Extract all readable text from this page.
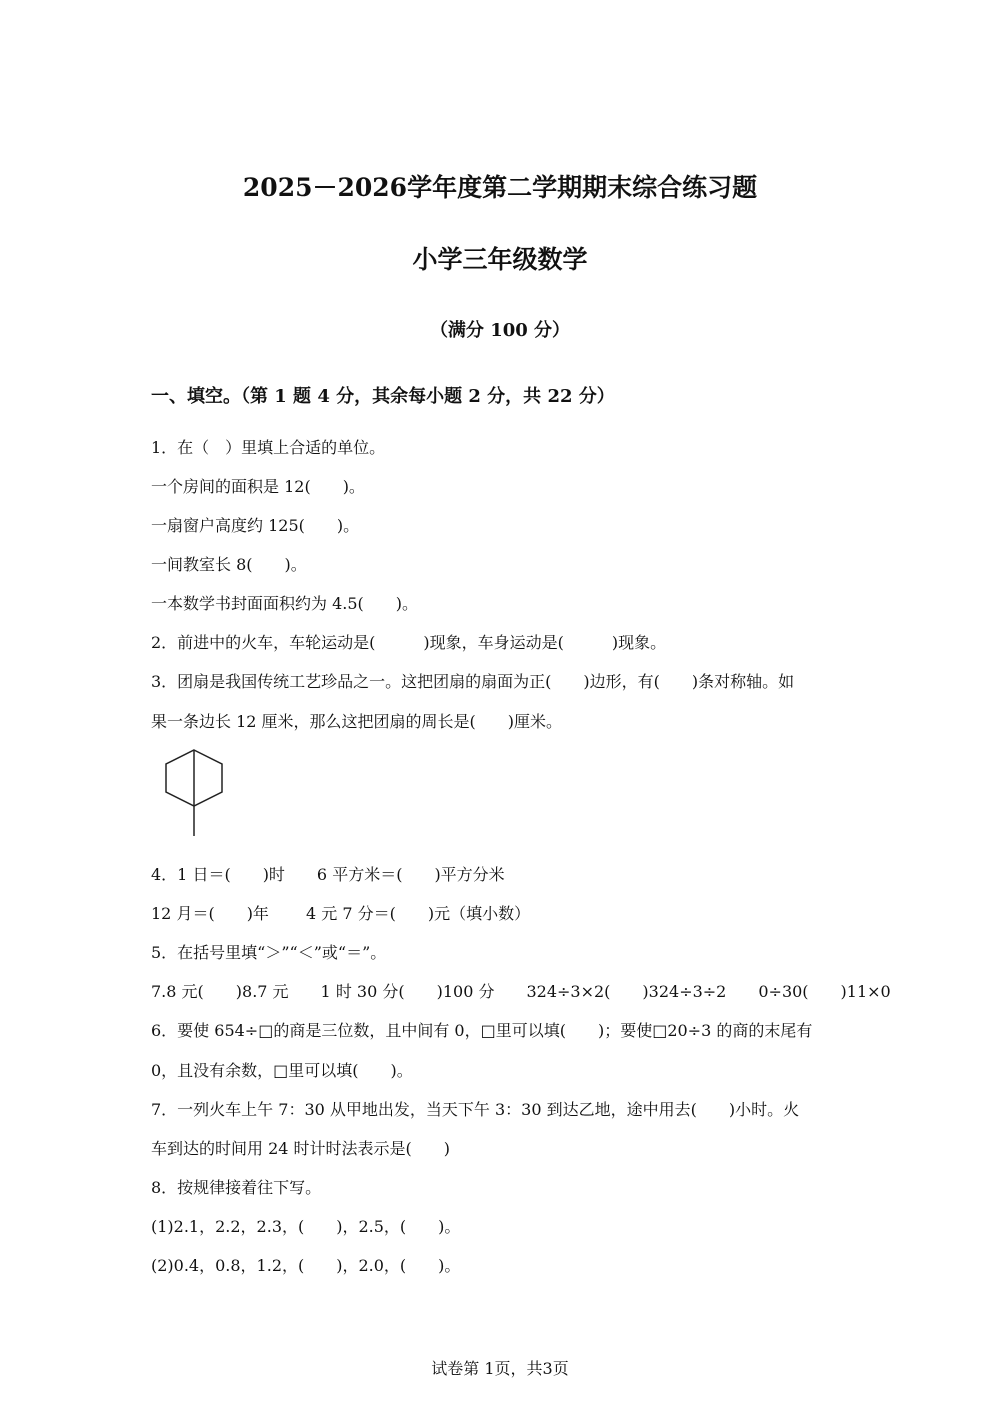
2025－2026学年度第二学期期末综合练习题
小学三年级数学
（满分 100 分）
一、填空。（第 1 题 4 分，其余每小题 2 分，共 22 分）
1．在（　）里填上合适的单位。
一个房间的面积是 12(　　)。
一扇窗户高度约 125(　　)。
一间教室长 8(　　)。
一本数学书封面面积约为 4.5(　　)。
2．前进中的火车，车轮运动是(　　　)现象，车身运动是(　　　)现象。
3．团扇是我国传统工艺珍品之一。这把团扇的扇面为正(　　)边形，有(　　)条对称轴。如
果一条边长 12 厘米，那么这把团扇的周长是(　　)厘米。
4．1 日＝(　　)时　　6 平方米＝(　　)平方分米
12 月＝(　　)年　　 4 元 7 分＝(　　)元（填小数）
5．在括号里填“＞”“＜”或“＝”。
7.8 元(　　)8.7 元　　1 时 30 分(　　)100 分　　324÷3×2(　　)324÷3÷2　　0÷30(　　)11×0
6．要使 654÷□的商是三位数，且中间有 0，□里可以填(　　)；要使□20÷3 的商的末尾有
0，且没有余数，□里可以填(　　)。
7．一列火车上午 7：30 从甲地出发，当天下午 3：30 到达乙地，途中用去(　　)小时。火
车到达的时间用 24 时计时法表示是(　　)
8．按规律接着往下写。
(1)2.1，2.2，2.3，(　　)，2.5，(　　)。
(2)0.4，0.8，1.2，(　　)，2.0，(　　)。
试卷第 1页，共3页
